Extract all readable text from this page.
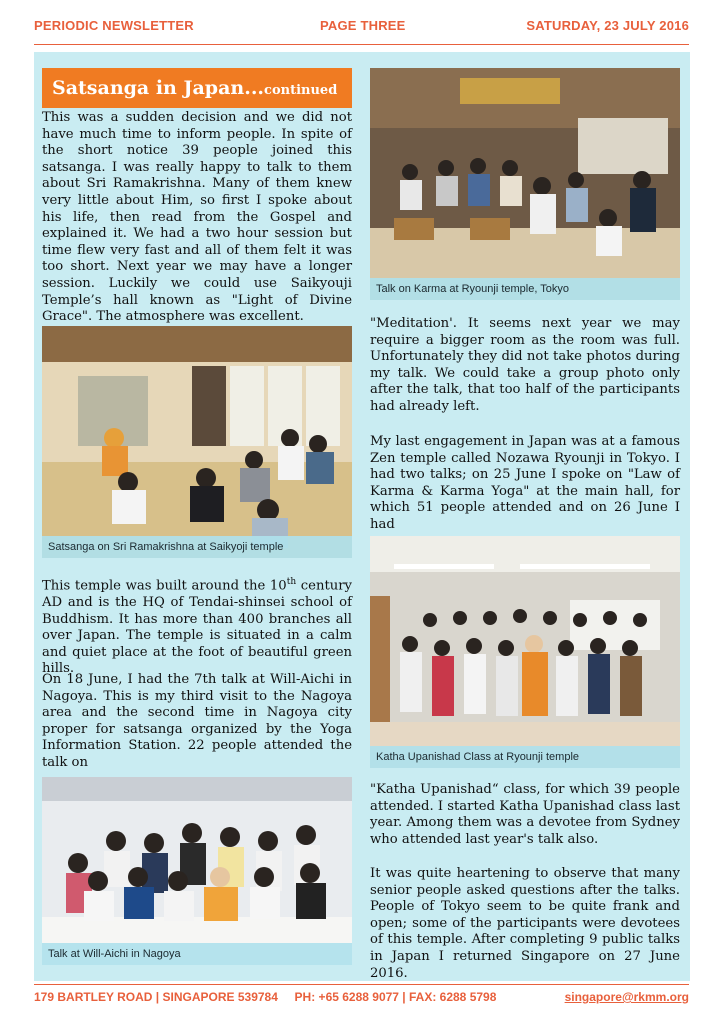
PERIODIC NEWSLETTER	PAGE THREE	SATURDAY, 23 JULY 2016
Satsanga in Japan...continued

This was a sudden decision and we did not have much time to inform people. In spite of the short notice 39 people joined this satsanga. I was really happy to talk to them about Sri Ramakrishna. Many of them knew very little about Him, so first I spoke about his life, then read from the Gospel and explained it. We had a two hour session but time flew very fast and all of them felt it was too short. Next year we may have a longer session. Luckily we could use Saikyouji Temple’s hall known as "Light of Divine Grace". The atmosphere was excellent.

Satsanga on Sri Ramakrishna at Saikyoji temple

This temple was built around the 10th century AD and is the HQ of Tendai-shinsei school of Buddhism. It has more than 400 branches all over Japan. The temple is situated in a calm and quiet place at the foot of beautiful green hills.

On 18 June, I had the 7th talk at Will-Aichi in Nagoya. This is my third visit to the Nagoya area and the second time in Nagoya city proper for satsanga organized by the Yoga Information Station. 22 people attended the talk on

Talk at Will-Aichi in Nagoya
Talk on Karma at Ryounji temple, Tokyo

"Meditation'. It seems next year we may require a bigger room as the room was full. Unfortunately they did not take photos during my talk. We could take a group photo only after the talk, that too half of the participants had already left.

My last engagement in Japan was at a famous Zen temple called Nozawa Ryounji in Tokyo. I had two talks; on 25 June I spoke on "Law of Karma & Karma Yoga" at the main hall, for which 51 people attended and on 26 June I had

Katha Upanishad Class at Ryounji temple

"Katha Upanishad“ class, for which 39 people attended. I started Katha Upanishad class last year. Among them was a devotee from Sydney who attended last year's talk also.

It was quite heartening to observe that many senior people asked questions after the talks. People of Tokyo seem to be quite frank and open; some of the participants were devotees of this temple. After completing 9 public talks in Japan I returned Singapore on 27 June 2016.

179 BARTLEY ROAD | SINGAPORE 539784     PH: +65 6288 9077 | FAX: 6288 5798	singapore@rkmm.org
